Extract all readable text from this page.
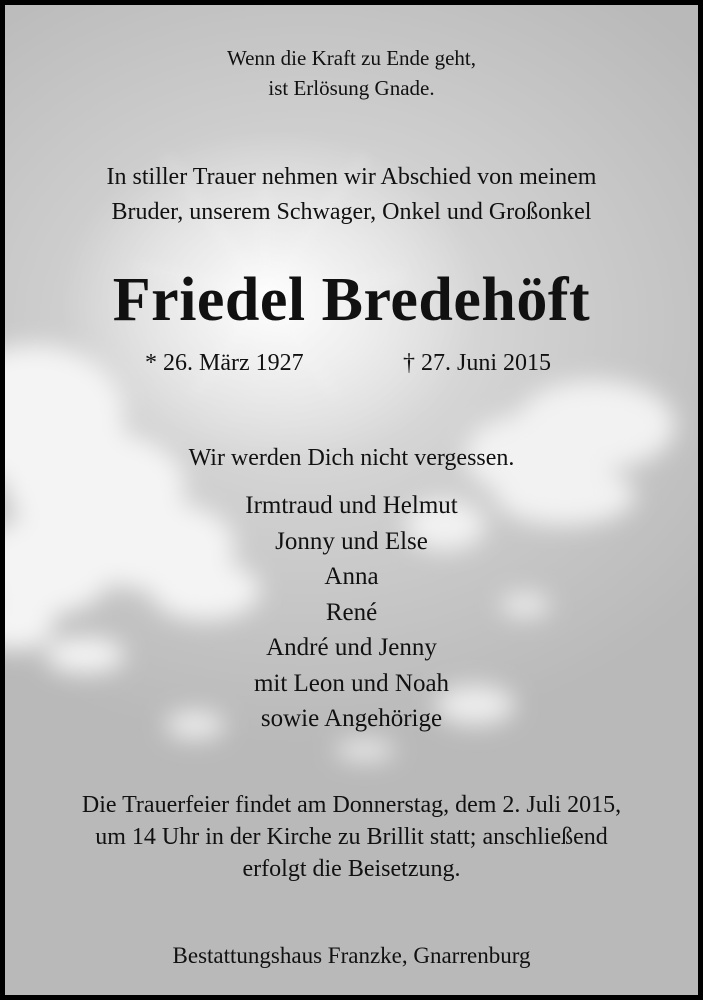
Wenn die Kraft zu Ende geht,
ist Erlösung Gnade.
In stiller Trauer nehmen wir Abschied von meinem
Bruder, unserem Schwager, Onkel und Großonkel
Friedel Bredehöft
* 26. März 1927	† 27. Juni 2015
Wir werden Dich nicht vergessen.
Irmtraud und Helmut
Jonny und Else
Anna
René
André und Jenny
mit Leon und Noah
sowie Angehörige
Die Trauerfeier findet am Donnerstag, dem 2. Juli 2015,
um 14 Uhr in der Kirche zu Brillit statt; anschließend
erfolgt die Beisetzung.
Bestattungshaus Franzke, Gnarrenburg
